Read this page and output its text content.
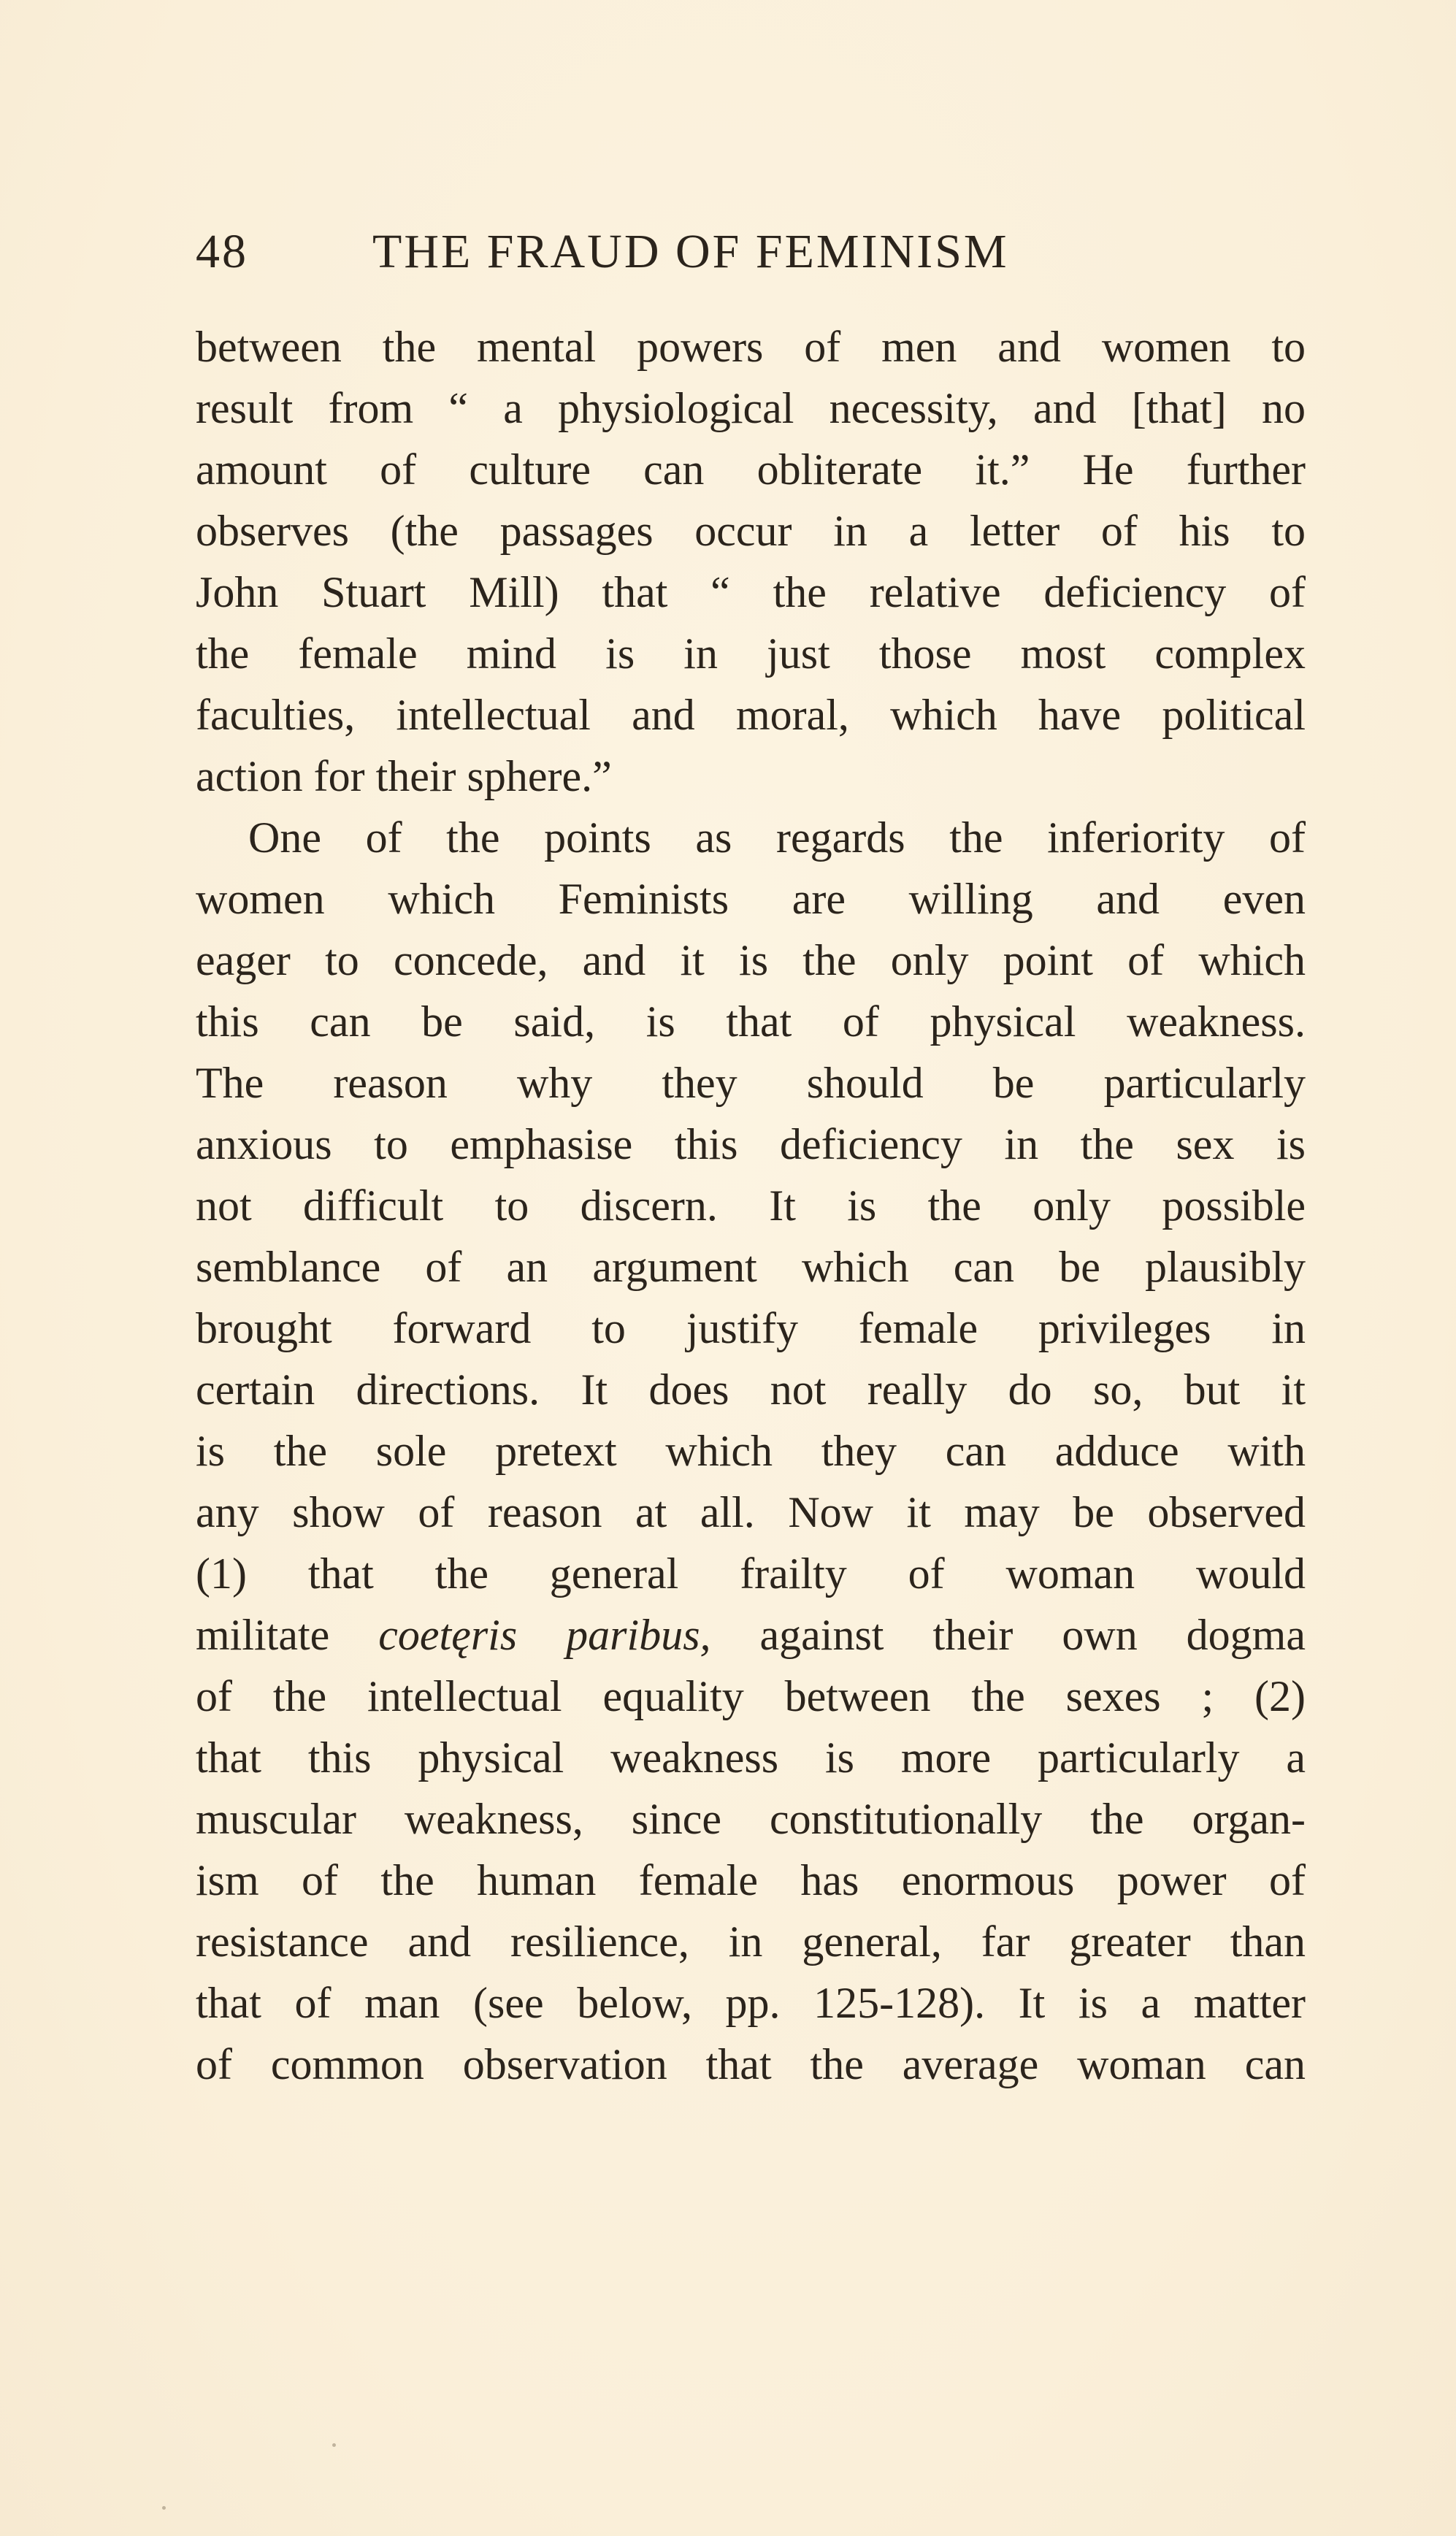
48	THE FRAUD OF FEMINISM
between the mental powers of men and women to
result from “ a physiological necessity, and [that] no
amount of culture can obliterate it.” He further
observes (the passages occur in a letter of his to
John Stuart Mill) that “ the relative deficiency of
the female mind is in just those most complex
faculties, intellectual and moral, which have political
action for their sphere.”
One of the points as regards the inferiority of
women which Feminists are willing and even
eager to concede, and it is the only point of which
this can be said, is that of physical weakness.
The reason why they should be particularly
anxious to emphasise this deficiency in the sex is
not difficult to discern. It is the only possible
semblance of an argument which can be plausibly
brought forward to justify female privileges in
certain directions. It does not really do so, but it
is the sole pretext which they can adduce with
any show of reason at all. Now it may be observed
(1) that the general frailty of woman would
militate coetęris paribus, against their own dogma
of the intellectual equality between the sexes ; (2)
that this physical weakness is more particularly a
muscular weakness, since constitutionally the organ-
ism of the human female has enormous power of
resistance and resilience, in general, far greater than
that of man (see below, pp. 125-128). It is a matter
of common observation that the average woman can
